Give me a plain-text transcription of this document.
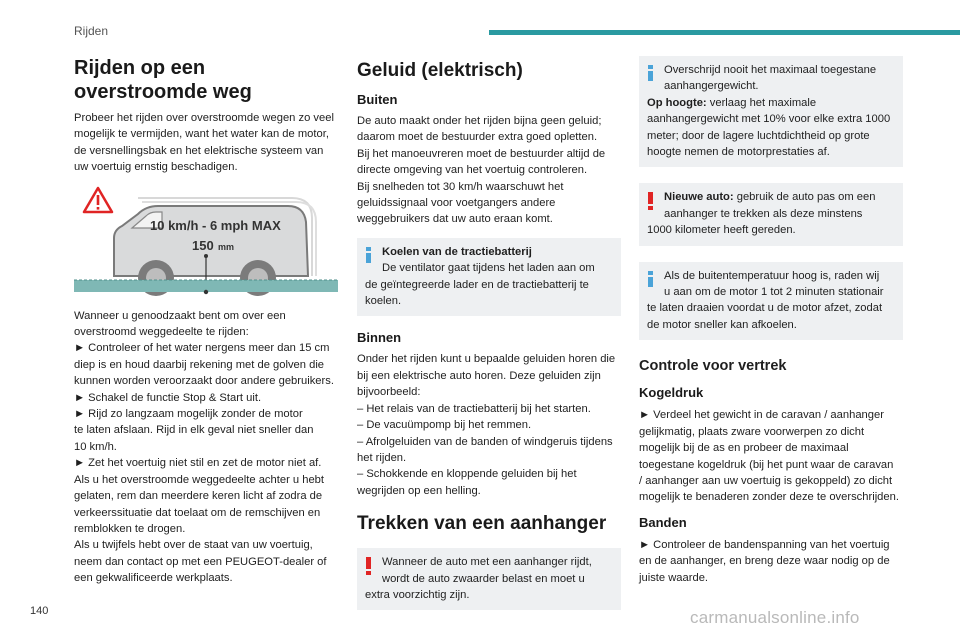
Rijden
Rijden op een overstroomde weg
Probeer het rijden over overstroomde wegen zo veel
mogelijk te vermijden, want het water kan de motor,
de versnellingsbak en het elektrische systeem van
uw voertuig ernstig beschadigen.
10 km/h - 6 mph MAX
150 mm
Wanneer u genoodzaakt bent om over een
overstroomd weggedeelte te rijden:
► Controleer of het water nergens meer dan 15 cm
diep is en houd daarbij rekening met de golven die
kunnen worden veroorzaakt door andere gebruikers.
► Schakel de functie Stop & Start uit.
► Rijd zo langzaam mogelijk zonder de motor
te laten afslaan. Rijd in elk geval niet sneller dan
10 km/h.
► Zet het voertuig niet stil en zet de motor niet af.
Als u het overstroomde weggedeelte achter u hebt
gelaten, rem dan meerdere keren licht af zodra de
verkeerssituatie dat toelaat om de remschijven en
remblokken te drogen.
Als u twijfels hebt over de staat van uw voertuig,
neem dan contact op met een PEUGEOT-dealer of
een gekwalificeerde werkplaats.
Geluid (elektrisch)
Buiten
De auto maakt onder het rijden bijna geen geluid;
daarom moet de bestuurder extra goed opletten.
Bij het manoeuvreren moet de bestuurder altijd de
directe omgeving van het voertuig controleren.
Bij snelheden tot 30 km/h waarschuwt het
geluidssignaal voor voetgangers andere
weggebruikers dat uw auto eraan komt.
Koelen van de tractiebatterij
De ventilator gaat tijdens het laden aan om
de geïntegreerde lader en de tractiebatterij te
koelen.
Binnen
Onder het rijden kunt u bepaalde geluiden horen die
bij een elektrische auto horen. Deze geluiden zijn
bijvoorbeeld:
– Het relais van de tractiebatterij bij het starten.
– De vacuümpomp bij het remmen.
– Afrolgeluiden van de banden of windgeruis tijdens
het rijden.
– Schokkende en kloppende geluiden bij het
wegrijden op een helling.
Trekken van een aanhanger
Wanneer de auto met een aanhanger rijdt,
wordt de auto zwaarder belast en moet u
extra voorzichtig zijn.
Overschrijd nooit het maximaal toegestane
aanhangergewicht.
Op hoogte: verlaag het maximale
aanhangergewicht met 10% voor elke extra 1000
meter; door de lagere luchtdichtheid op grote
hoogte nemen de motorprestaties af.
Nieuwe auto: gebruik de auto pas om een
aanhanger te trekken als deze minstens
1000 kilometer heeft gereden.
Als de buitentemperatuur hoog is, raden wij
u aan om de motor 1 tot 2 minuten stationair
te laten draaien voordat u de motor afzet, zodat
de motor sneller kan afkoelen.
Controle voor vertrek
Kogeldruk
► Verdeel het gewicht in de caravan / aanhanger
gelijkmatig, plaats zware voorwerpen zo dicht
mogelijk bij de as en probeer de maximaal
toegestane kogeldruk (bij het punt waar de caravan
/ aanhanger aan uw voertuig is gekoppeld) zo dicht
mogelijk te benaderen zonder deze te overschrijden.
Banden
► Controleer de bandenspanning van het voertuig
en de aanhanger, en breng deze waar nodig op de
juiste waarde.
140	carmanualsonline.info
